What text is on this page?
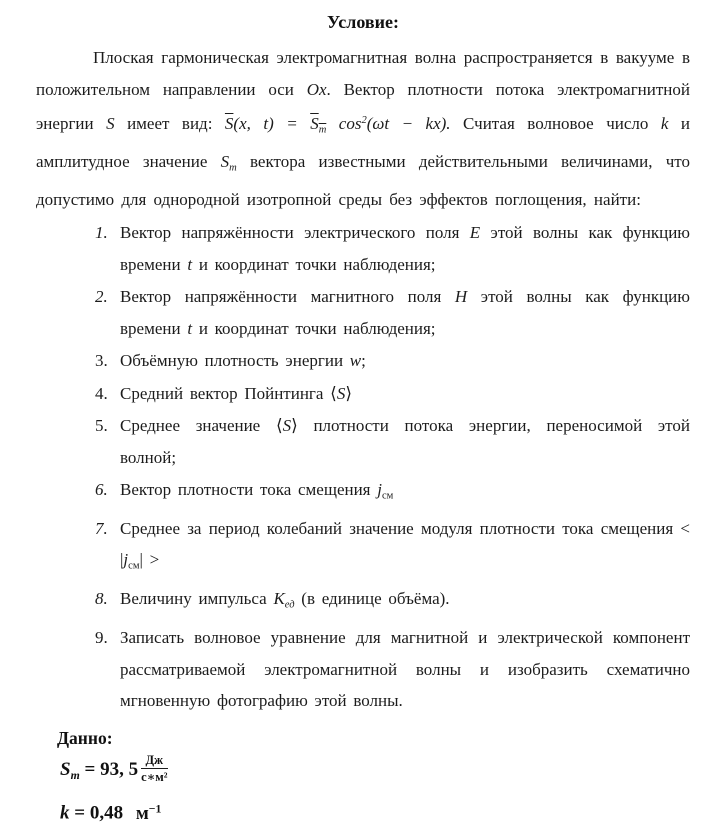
Условие:

Плоская гармоническая электромагнитная волна распространяется в вакууме в положительном направлении оси Ox. Вектор плотности потока электромагнитной энергии S имеет вид: $\overline{S}(x$, $t) = S_m$ $\cos^2(\omega t - kx)$. Считая волновое число k и амплитудное значение $S_m$ вектора известными действительными величинами, что допустимо для однородной изотропной среды без эффектов поглощения, найти:

1. Вектор напряжённости электрического поля E этой волны как функцию времени t и координат точки наблюдения;
2. Вектор напряжённости магнитного поля H этой волны как функцию времени t и координат точки наблюдения;
3. Объёмную плотность энергии w;
4. Средний вектор Пойнтинга ⟨S⟩
5. Среднее значение ⟨S⟩ плотности потока энергии, переносимой этой волной;
6. Вектор плотности тока смещения $j_{см}$
7. Среднее за период колебаний значение модуля плотности тока смещения < $|j_{см}|$ >
8. Величину импульса $K_{ед}$ (в единице объёма).
9. Записать волновое уравнение для магнитной и электрической компонент рассматриваемой электромагнитной волны и изобразить схематично мгновенную фотографию этой волны.
Данно:
$S_m = 93$, $5 \frac{Дж}{\text{с∗м²}}$
k = 0,48 $м^{-1}$
